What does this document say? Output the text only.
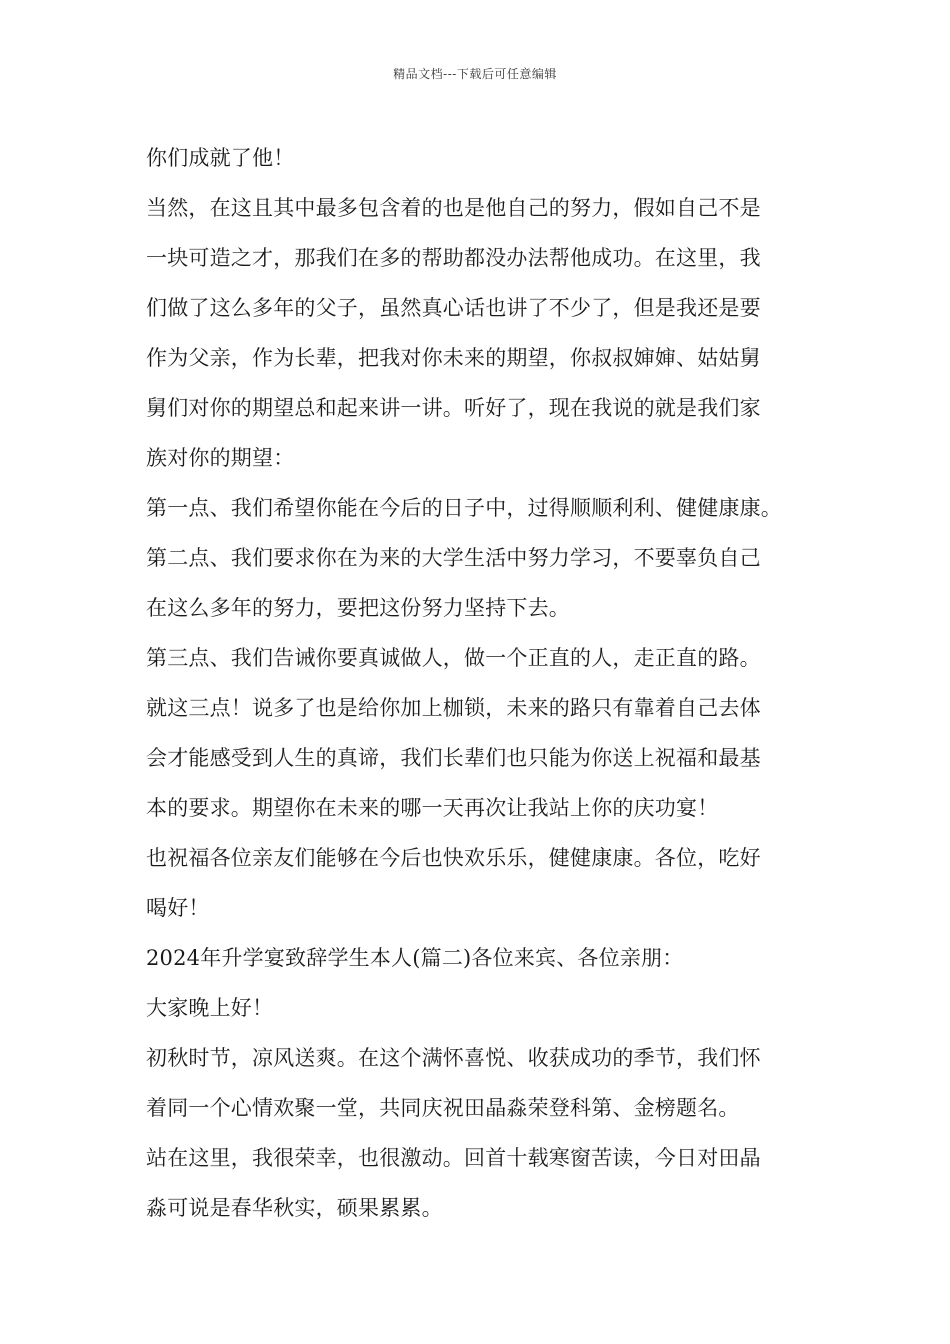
精品文档---下载后可任意编辑

你们成就了他！

当然，在这且其中最多包含着的也是他自己的努力，假如自己不是
一块可造之才，那我们在多的帮助都没办法帮他成功。在这里，我
们做了这么多年的父子，虽然真心话也讲了不少了，但是我还是要
作为父亲，作为长辈，把我对你未来的期望，你叔叔婶婶、姑姑舅
舅们对你的期望总和起来讲一讲。听好了，现在我说的就是我们家
族对你的期望：

第一点、我们希望你能在今后的日子中，过得顺顺利利、健健康康。

第二点、我们要求你在为来的大学生活中努力学习，不要辜负自己
在这么多年的努力，要把这份努力坚持下去。

第三点、我们告诫你要真诚做人，做一个正直的人，走正直的路。

就这三点！说多了也是给你加上枷锁，未来的路只有靠着自己去体
会才能感受到人生的真谛，我们长辈们也只能为你送上祝福和最基
本的要求。期望你在未来的哪一天再次让我站上你的庆功宴！

也祝福各位亲友们能够在今后也快欢乐乐，健健康康。各位，吃好
喝好！

2024年升学宴致辞学生本人(篇二)各位来宾、各位亲朋：

大家晚上好！

初秋时节，凉风送爽。在这个满怀喜悦、收获成功的季节，我们怀
着同一个心情欢聚一堂，共同庆祝田晶淼荣登科第、金榜题名。

站在这里，我很荣幸，也很激动。回首十载寒窗苦读，今日对田晶
淼可说是春华秋实，硕果累累。
